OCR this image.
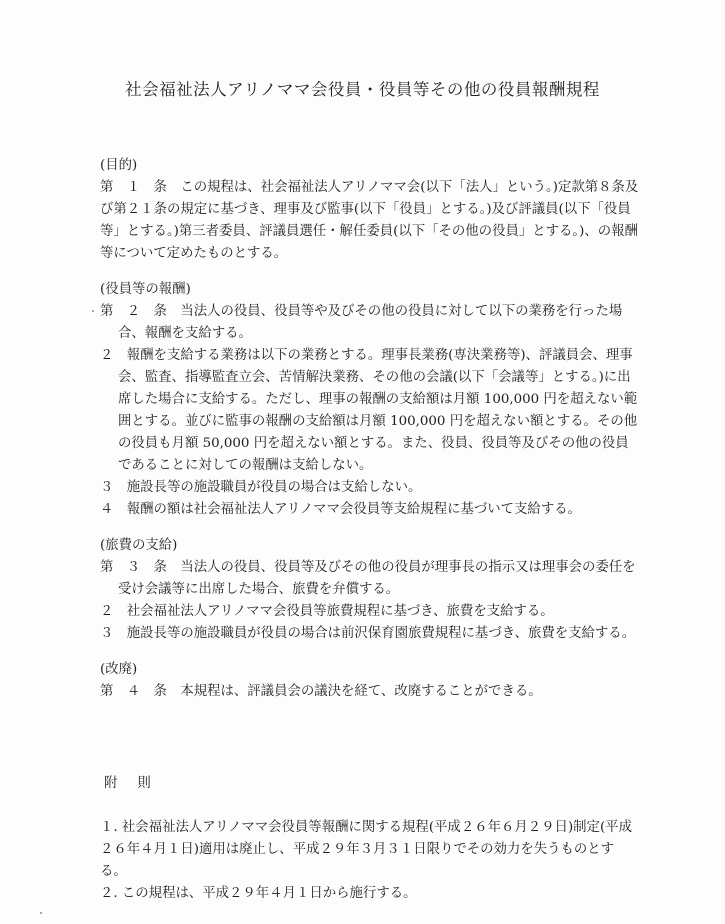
社会福祉法人アリノママ会役員・役員等その他の役員報酬規程

(目的)

第　１　条　この規程は、社会福祉法人アリノママ会(以下「法人」という。)定款第８条及び第２１条の規定に基づき、理事及び監事(以下「役員」とする。)及び評議員(以下「役員等」とする。)第三者委員、評議員選任・解任委員(以下「その他の役員」とする。)、の報酬等について定めたものとする。

(役員等の報酬)

第　２　条　当法人の役員、役員等や及びその他の役員に対して以下の業務を行った場合、報酬を支給する。

２　報酬を支給する業務は以下の業務とする。理事長業務(専決業務等)、評議員会、理事会、監査、指導監査立会、苦情解決業務、その他の会議(以下「会議等」とする。)に出席した場合に支給する。ただし、理事の報酬の支給額は月額 100,000 円を超えない範囲とする。並びに監事の報酬の支給額は月額 100,000 円を超えない額とする。その他の役員も月額 50,000 円を超えない額とする。また、役員、役員等及びその他の役員であることに対しての報酬は支給しない。

３　施設長等の施設職員が役員の場合は支給しない。

４　報酬の額は社会福祉法人アリノママ会役員等支給規程に基づいて支給する。

(旅費の支給)

第　３　条　当法人の役員、役員等及びその他の役員が理事長の指示又は理事会の委任を受け会議等に出席した場合、旅費を弁償する。

２　社会福祉法人アリノママ会役員等旅費規程に基づき、旅費を支給する。

３　施設長等の施設職員が役員の場合は前沢保育園旅費規程に基づき、旅費を支給する。

(改廃)

第　４　条　本規程は、評議員会の議決を経て、改廃することができる。

附則

１. 社会福祉法人アリノママ会役員等報酬に関する規程(平成２６年６月２９日)制定(平成２６年４月１日)適用は廃止し、平成２９年３月３１日限りでその効力を失うものとする。

２. この規程は、平成２９年４月１日から施行する。
